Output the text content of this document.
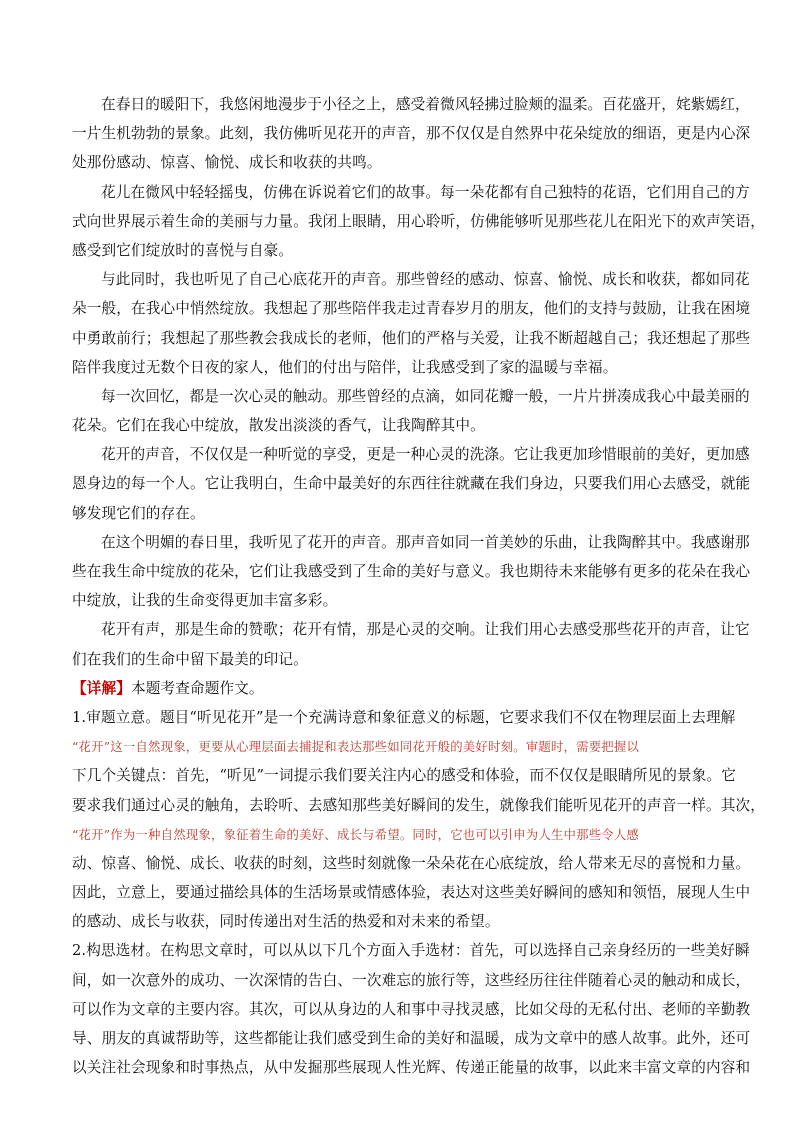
在春日的暖阳下，我悠闲地漫步于小径之上，感受着微风轻拂过脸颊的温柔。百花盛开，姹紫嫣红，
一片生机勃勃的景象。此刻，我仿佛听见花开的声音，那不仅仅是自然界中花朵绽放的细语，更是内心深
处那份感动、惊喜、愉悦、成长和收获的共鸣。
花儿在微风中轻轻摇曳，仿佛在诉说着它们的故事。每一朵花都有自己独特的花语，它们用自己的方
式向世界展示着生命的美丽与力量。我闭上眼睛，用心聆听，仿佛能够听见那些花儿在阳光下的欢声笑语，
感受到它们绽放时的喜悦与自豪。
与此同时，我也听见了自己心底花开的声音。那些曾经的感动、惊喜、愉悦、成长和收获，都如同花
朵一般，在我心中悄然绽放。我想起了那些陪伴我走过青春岁月的朋友，他们的支持与鼓励，让我在困境
中勇敢前行；我想起了那些教会我成长的老师，他们的严格与关爱，让我不断超越自己；我还想起了那些
陪伴我度过无数个日夜的家人，他们的付出与陪伴，让我感受到了家的温暖与幸福。
每一次回忆，都是一次心灵的触动。那些曾经的点滴，如同花瓣一般，一片片拼凑成我心中最美丽的
花朵。它们在我心中绽放，散发出淡淡的香气，让我陶醉其中。
花开的声音，不仅仅是一种听觉的享受，更是一种心灵的洗涤。它让我更加珍惜眼前的美好，更加感
恩身边的每一个人。它让我明白，生命中最美好的东西往往就藏在我们身边，只要我们用心去感受，就能
够发现它们的存在。
在这个明媚的春日里，我听见了花开的声音。那声音如同一首美妙的乐曲，让我陶醉其中。我感谢那
些在我生命中绽放的花朵，它们让我感受到了生命的美好与意义。我也期待未来能够有更多的花朵在我心
中绽放，让我的生命变得更加丰富多彩。
花开有声，那是生命的赞歌；花开有情，那是心灵的交响。让我们用心去感受那些花开的声音，让它
们在我们的生命中留下最美的印记。
【详解】本题考查命题作文。
1.审题立意。题目“听见花开”是一个充满诗意和象征意义的标题，它要求我们不仅在物理层面上去理解
“花开”这一自然现象，更要从心理层面去捕捉和表达那些如同花开般的美好时刻。审题时，需要把握以
下几个关键点：首先，“听见”一词提示我们要关注内心的感受和体验，而不仅仅是眼睛所见的景象。它
要求我们通过心灵的触角，去聆听、去感知那些美好瞬间的发生，就像我们能听见花开的声音一样。其次，
“花开”作为一种自然现象，象征着生命的美好、成长与希望。同时，它也可以引申为人生中那些令人感
动、惊喜、愉悦、成长、收获的时刻，这些时刻就像一朵朵花在心底绽放，给人带来无尽的喜悦和力量。
因此，立意上，要通过描绘具体的生活场景或情感体验，表达对这些美好瞬间的感知和领悟，展现人生中
的感动、成长与收获，同时传递出对生活的热爱和对未来的希望。
2.构思选材。在构思文章时，可以从以下几个方面入手选材：首先，可以选择自己亲身经历的一些美好瞬
间，如一次意外的成功、一次深情的告白、一次难忘的旅行等，这些经历往往伴随着心灵的触动和成长，
可以作为文章的主要内容。其次，可以从身边的人和事中寻找灵感，比如父母的无私付出、老师的辛勤教
导、朋友的真诚帮助等，这些都能让我们感受到生命的美好和温暖，成为文章中的感人故事。此外，还可
以关注社会现象和时事热点，从中发掘那些展现人性光辉、传递正能量的故事，以此来丰富文章的内容和
